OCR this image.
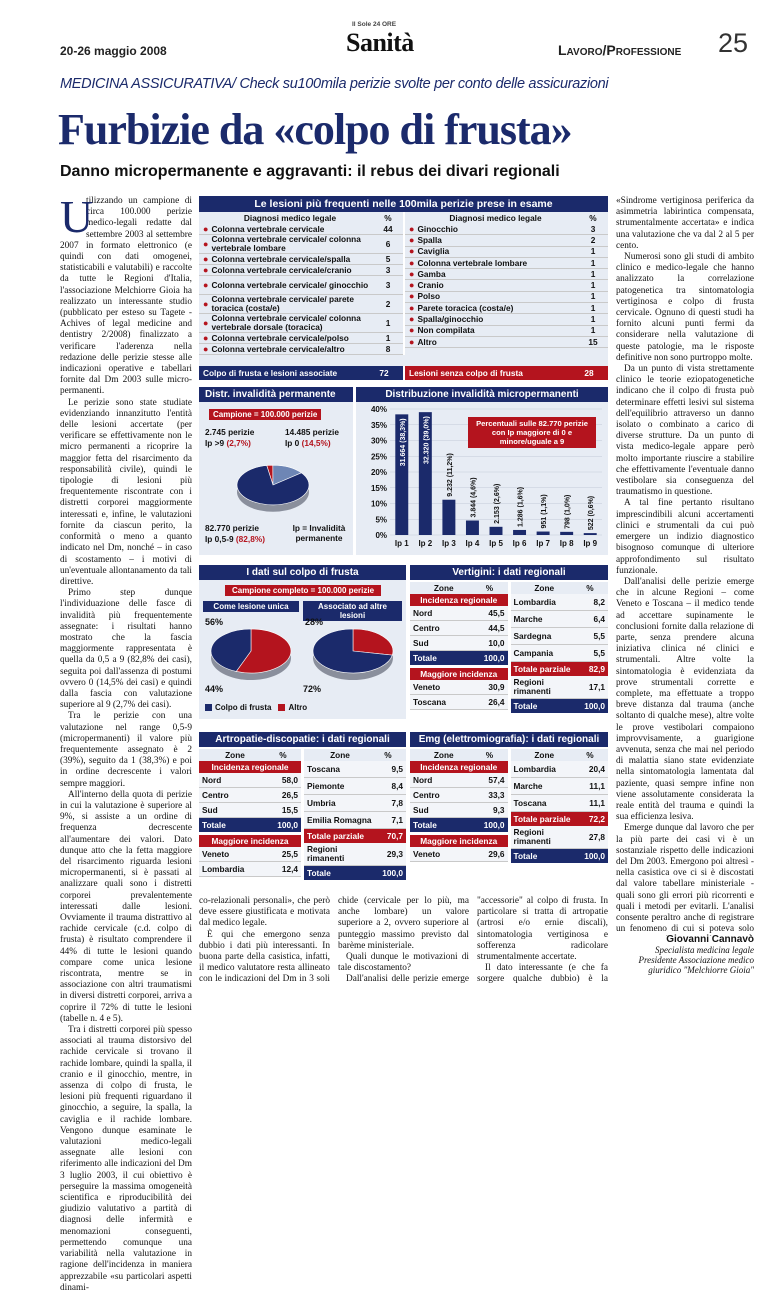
20-26 maggio 2008
Il Sole 24 ORE
Sanità	Lavoro/Professione 25
MEDICINA ASSICURATIVA/ Check su100mila perizie svolte per conto delle assicurazioni
Furbizie da «colpo di frusta»
Danno micropermanente e aggravanti: il rebus dei divari regionali
U
tilizzando un campione di circa 100.000 perizie medico-legali redatte dal settembre 2003 al settembre 2007 in formato elettronico (e quindi con dati omogenei, statisticabili e valutabili) e raccolte da tutte le Regioni d'Italia, l'associazione Melchiorre Gioia ha realizzato un interessante studio (pubblicato per esteso su Tagete - Achives of legal medicine and dentistry 2/2008) finalizzato a verificare l'aderenza nella redazione delle perizie stesse alle indicazioni operative e tabellari fornite dal Dm 2003 sulle micro-permanenti.

Le perizie sono state studiate evidenziando innanzitutto l'entità delle lesioni accertate (per verificare se effettivamente non le micro permanenti a ricoprire la maggior fetta del risarcimento da responsabilità civile), quindi le tipologie di lesioni più frequentemente riscontrate con i distretti corporei maggiormente interessati e, infine, le valutazioni fornite da ciascun perito, la conformità o meno a quanto indicato nel Dm, nonché – in caso di scostamento – i motivi di un'eventuale allontanamento da tali direttive.

Primo step dunque l'individuazione delle fasce di invalidità più frequentemente assegnate: i risultati hanno mostrato che la fascia maggiormente rappresentata è quella da 0,5 a 9 (82,8% dei casi), seguita poi dall'assenza di postumi ovvero 0 (14,5% dei casi) e quindi dalla fascia con valutazione superiore al 9 (2,7% dei casi).

Tra le perizie con una valutazione nel range 0,5-9 (micropermanenti) il valore più frequentemente assegnato è 2 (39%), seguito da 1 (38,3%) e poi in ordine decrescente i valori sempre maggiori.

All'interno della quota di perizie in cui la valutazione è superiore al 9%, si assiste a un ordine di frequenza decrescente all'aumentare dei valori. Dato dunque atto che la fetta maggiore del risarcimento riguarda lesioni micropermanenti, si è passati al analizzare quali sono i distretti corporei prevalentemente interessati dalle lesioni. Ovviamente il trauma distrattivo al rachide cervicale (c.d. colpo di frusta) è risultato comprendere il 44% di tutte le lesioni quando compare come unica lesione riscontrata, mentre se in associazione con altri traumatismi in diversi distretti corporei, arriva a coprire il 72% di tutte le lesioni (tabelle n. 4 e 5).

Tra i distretti corporei più spesso associati al trauma distorsivo del rachide cervicale si trovano il rachide lombare, quindi la spalla, il cranio e il ginocchio, mentre, in assenza di colpo di frusta, le lesioni più frequenti riguardano il ginocchio, a seguire, la spalla, la caviglia e il rachide lombare. Vengono dunque esaminate le valutazioni medico-legali assegnate alle lesioni con riferimento alle indicazioni del Dm 3 luglio 2003, il cui obiettivo è perseguire la massima omogeneità scientifica e riproducibilità dei giudizio valutativo a partità di diagnosi delle infermità e menomazioni conseguenti, permettendo comunque una variabilità nella valutazione in ragione dell'incidenza in maniera apprezzabile «su particolari aspetti dinami-

co-relazionali personali», che però deve essere giustificata e motivata dal medico legale.

È qui che emergono senza dubbio i dati più interessanti. In buona parte della casistica, infatti, il medico valutatore resta allineato con le indicazioni del Dm in 3 soli

chide (cervicale per lo più, ma anche lombare) un valore superiore a 2, ovvero superiore al punteggio massimo previsto dal barème ministeriale.

Quali dunque le motivazioni di tale discostamento?

Dall'analisi delle perizie emerge

"accessorie" al colpo di frusta. In particolare si tratta di artropatie (artrosi e/o ernie discali), sintomatologia vertiginosa e sofferenza radicolare strumentalmente accertate.

Il dato interessante (e che fa sorgere qualche dubbio) è la

«Sindrome vertiginosa periferica da asimmetria labirintica compensata, strumentalmente accertata» e indica una valutazione che va dal 2 al 5 per cento.

Numerosi sono gli studi di ambito clinico e medico-legale che hanno analizzato la correlazione patogenetica tra sintomatologia vertiginosa e colpo di frusta cervicale. Ognuno di questi studi ha fornito alcuni punti fermi da considerare nella valutazione di queste patologie, ma le risposte definitive non sono purtroppo molte.

Da un punto di vista strettamente clinico le teorie eziopatogenetiche indicano che il colpo di frusta può determinare effetti lesivi sul sistema dell'equilibrio attraverso un danno isolato o combinato a carico di diverse strutture. Da un punto di vista medico-legale appare però molto importante riuscire a stabilire che effettivamente l'eventuale danno vestibolare sia conseguenza del traumatismo in questione.

A tal fine pertanto risultano imprescindibili alcuni accertamenti clinici e strumentali da cui può emergere un indizio diagnostico bisognoso comunque di ulteriore approfondimento sul risultato funzionale.

Dall'analisi delle perizie emerge che in alcune Regioni – come Veneto e Toscana – il medico tende ad accettare supinamente le conclusioni fornite dalla relazione di parte, senza prendere alcuna iniziativa clinica né clinici e strumentali. Altre volte la sintomatologia è evidenziata da prove strumentali corrette e complete, ma effettuate a troppo breve distanza dal trauma (anche soltanto di qualche mese), altre volte le prove vestibolari compaiono improvvisamente, a guarigione avvenuta, senza che mai nel periodo di malattia siano state evidenziate nella sintomatologia lamentata dal paziente, quasi sempre infine non viene assolutamente considerata la reale entità del trauma e quindi la sua efficienza lesiva.

Emerge dunque dal lavoro che per la più parte dei casi vi è un sostanziale rispetto delle indicazioni del Dm 2003. Emergono poi altresì - nella casistica ove ci si è discostati dal valore tabellare ministeriale - quali sono gli errori più ricorrenti e quali i metodi per evitarli. L'analisi consente peraltro anche di registrare un fenomeno di cui si poteva solo

Giovanni Cannavò
Specialista medicina legale
Presidente Associazione medico
giuridico "Melchiorre Gioia"
Le lesioni più frequenti nelle 100mila perizie prese in esame
Diagnosi medico legale	%
● Colonna vertebrale cervicale	44
● Colonna vertebrale cervicale/ colonna vertebrale lombare	6
● Colonna vertebrale cervicale/spalla	5
● Colonna vertebrale cervicale/cranio	3
● Colonna vertebrale cervicale/ ginocchio	3
● Colonna vertebrale cervicale/ parete toracica (costa/e)	2
● Colonna vertebrale cervicale/ colonna vertebrale dorsale (toracica)	1
● Colonna vertebrale cervicale/polso	1
● Colonna vertebrale cervicale/altro	8
Diagnosi medico legale	%
● Ginocchio	3
● Spalla	2
● Caviglia	1
● Colonna vertebrale lombare	1
● Gamba	1
● Cranio	1
● Polso	1
● Parete toracica (costa/e)	1
● Spalla/ginocchio	1
● Non compilata	1
● Altro	15
Colpo di frusta e lesioni associate	72	Lesioni senza colpo di frusta	28
Distr. invalidità permanente
Campione = 100.000 perizie
2.745 perizie
Ip >9 (2,7%)
14.485 perizie
Ip 0 (14,5%)
82.770 perizie
Ip 0,5-9 (82,8%)
Ip = Invalidità permanente
Distribuzione invalidità micropermanenti
0%
5%
10%
15%
20%
25%
30%
35%
40%
31.664 (38,3%)
Ip 1
32.320 (39,0%)
Ip 2
9.232 (11,2%)
Ip 3
3.844 (4,6%)
Ip 4
2.153 (2,6%)
Ip 5
1.286 (1,6%)
Ip 6
951 (1,1%)
Ip 7
798 (1,0%)
Ip 8
522 (0,6%)
Ip 9
Percentuali sulle 82.770 perizie con Ip maggiore di 0 e minore/uguale a 9
I dati sul colpo di frusta
Campione completo = 100.000 perizie
Come lesione unica	Associato ad altre lesioni
56%	28%
44%	72%
Colpo di frusta Altro
Vertigini: i dati regionali
Zone	%
Incidenza regionale
Nord	45,5
Centro	44,5
Sud	10,0
Totale	100,0
Maggiore incidenza
Veneto	30,9
Toscana	26,4
Zone	%
Lombardia	8,2
Marche	6,4
Sardegna	5,5
Campania	5,5
Totale parziale	82,9
Regioni rimanenti	17,1
Totale	100,0
Artropatie-discopatie: i dati regionali
Zone	%
Incidenza regionale
Nord	58,0
Centro	26,5
Sud	15,5
Totale	100,0
Maggiore incidenza
Veneto	25,5
Lombardia	12,4
Zone	%
Toscana	9,5
Piemonte	8,4
Umbria	7,8
Emilia Romagna	7,1
Totale parziale	70,7
Regioni rimanenti	29,3
Totale	100,0
Emg (elettromiografia): i dati regionali
Zone	%
Incidenza regionale
Nord	57,4
Centro	33,3
Sud	9,3
Totale	100,0
Maggiore incidenza
Veneto	29,6
Zone	%
Lombardia	20,4
Marche	11,1
Toscana	11,1
Totale parziale	72,2
Regioni rimanenti	27,8
Totale	100,0
